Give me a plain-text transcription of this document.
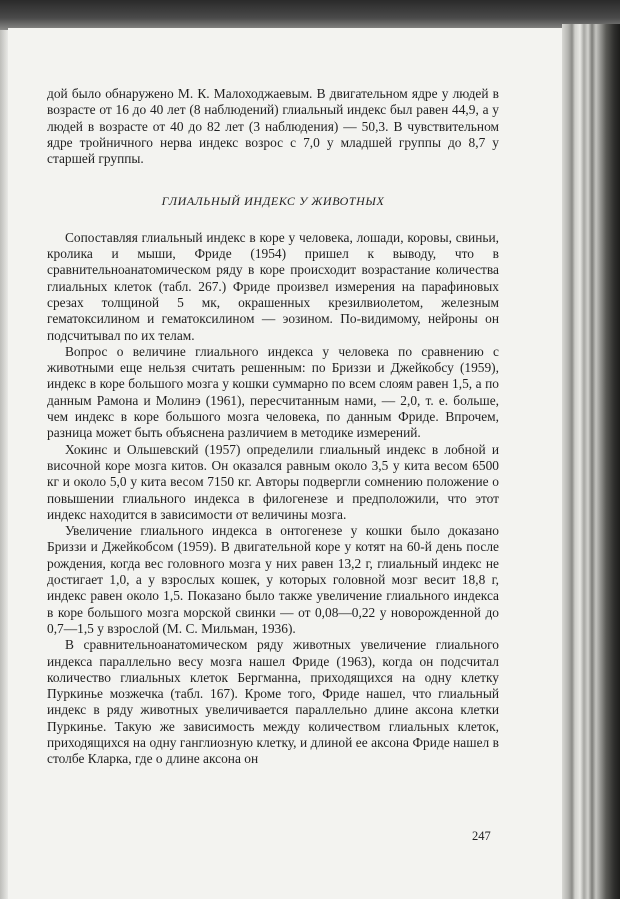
дой было обнаружено М. К. Малоходжаевым. В двигательном ядре у людей в возрасте от 16 до 40 лет (8 наблюдений) глиальный индекс был равен 44,9, а у людей в возрасте от 40 до 82 лет (3 наблюдения) — 50,3. В чувствительном ядре тройничного нерва индекс возрос с 7,0 у младшей группы до 8,7 у старшей группы.

ГЛИАЛЬНЫЙ ИНДЕКС У ЖИВОТНЫХ

Сопоставляя глиальный индекс в коре у человека, лошади, коровы, свиньи, кролика и мыши, Фриде (1954) пришел к выводу, что в сравнительноанатомическом ряду в коре происходит возрастание количества глиальных клеток (табл. 267.) Фриде произвел измерения на парафиновых срезах толщиной 5 мк, окрашенных крезилвиолетом, железным гематоксилином и гематоксилином — эозином. По-видимому, нейроны он подсчитывал по их телам.

Вопрос о величине глиального индекса у человека по сравнению с животными еще нельзя считать решенным: по Бриззи и Джейкобсу (1959), индекс в коре большого мозга у кошки суммарно по всем слоям равен 1,5, а по данным Рамона и Молинэ (1961), пересчитанным нами, — 2,0, т. е. больше, чем индекс в коре большого мозга человека, по данным Фриде. Впрочем, разница может быть объяснена различием в методике измерений.

Хокинс и Ольшевский (1957) определили глиальный индекс в лобной и височной коре мозга китов. Он оказался равным около 3,5 у кита весом 6500 кг и около 5,0 у кита весом 7150 кг. Авторы подвергли сомнению положение о повышении глиального индекса в филогенезе и предположили, что этот индекс находится в зависимости от величины мозга.

Увеличение глиального индекса в онтогенезе у кошки было доказано Бриззи и Джейкобсом (1959). В двигательной коре у котят на 60-й день после рождения, когда вес головного мозга у них равен 13,2 г, глиальный индекс не достигает 1,0, а у взрослых кошек, у которых головной мозг весит 18,8 г, индекс равен около 1,5. Показано было также увеличение глиального индекса в коре большого мозга морской свинки — от 0,08—0,22 у новорожденной до 0,7—1,5 у взрослой (М. С. Мильман, 1936).

В сравнительноанатомическом ряду животных увеличение глиального индекса параллельно весу мозга нашел Фриде (1963), когда он подсчитал количество глиальных клеток Бергманна, приходящихся на одну клетку Пуркинье мозжечка (табл. 167). Кроме того, Фриде нашел, что глиальный индекс в ряду животных увеличивается параллельно длине аксона клетки Пуркинье. Такую же зависимость между количеством глиальных клеток, приходящихся на одну ганглиозную клетку, и длиной ее аксона Фриде нашел в столбе Кларка, где о длине аксона он

247
